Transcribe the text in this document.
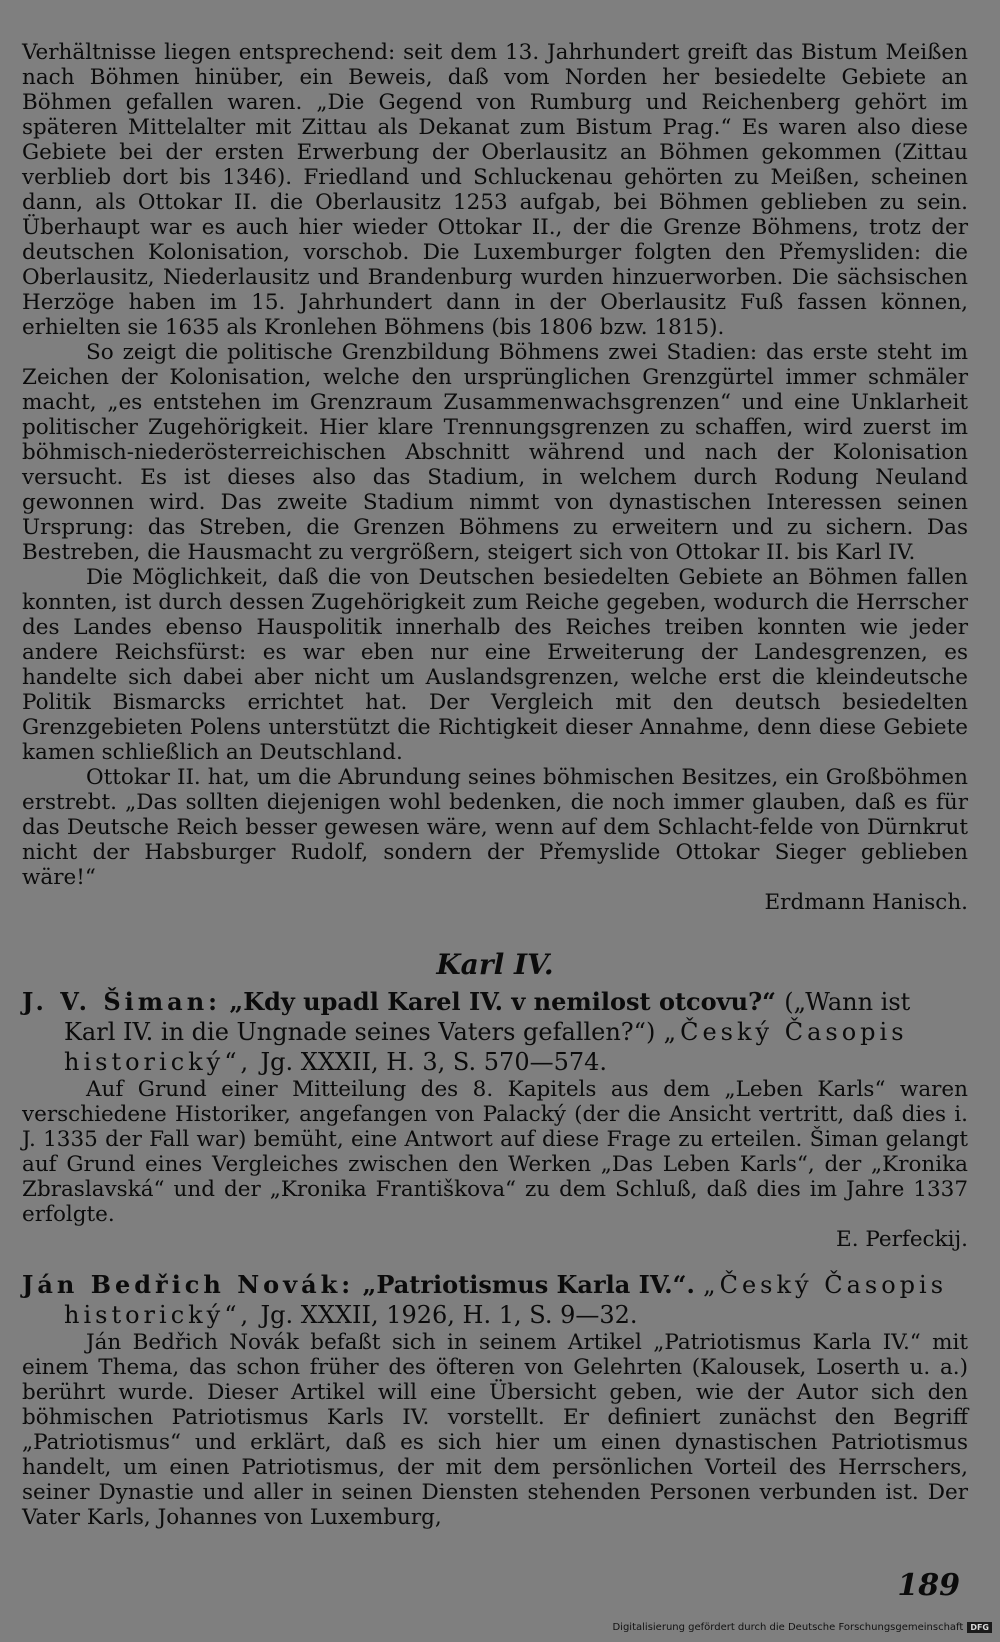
Verhältnisse liegen entsprechend: seit dem 13. Jahrhundert greift das Bistum Meißen nach Böhmen hinüber, ein Beweis, daß vom Norden her besiedelte Gebiete an Böhmen gefallen waren. „Die Gegend von Rumburg und Reichenberg gehört im späteren Mittelalter mit Zittau als Dekanat zum Bistum Prag.“ Es waren also diese Gebiete bei der ersten Erwerbung der Oberlausitz an Böhmen gekommen (Zittau verblieb dort bis 1346). Friedland und Schluckenau gehörten zu Meißen, scheinen dann, als Ottokar II. die Oberlausitz 1253 aufgab, bei Böhmen geblieben zu sein. Überhaupt war es auch hier wieder Ottokar II., der die Grenze Böhmens, trotz der deutschen Kolonisation, vorschob. Die Luxemburger folgten den Přemysliden: die Oberlausitz, Niederlausitz und Brandenburg wurden hinzuerworben. Die sächsischen Herzöge haben im 15. Jahrhundert dann in der Oberlausitz Fuß fassen können, erhielten sie 1635 als Kronlehen Böhmens (bis 1806 bzw. 1815).

So zeigt die politische Grenzbildung Böhmens zwei Stadien: das erste steht im Zeichen der Kolonisation, welche den ursprünglichen Grenzgürtel immer schmäler macht, „es entstehen im Grenzraum Zusammenwachsgrenzen“ und eine Unklarheit politischer Zugehörigkeit. Hier klare Trennungsgrenzen zu schaffen, wird zuerst im böhmisch-niederösterreichischen Abschnitt während und nach der Kolonisation versucht. Es ist dieses also das Stadium, in welchem durch Rodung Neuland gewonnen wird. Das zweite Stadium nimmt von dynastischen Interessen seinen Ursprung: das Streben, die Grenzen Böhmens zu erweitern und zu sichern. Das Bestreben, die Hausmacht zu vergrößern, steigert sich von Ottokar II. bis Karl IV.

Die Möglichkeit, daß die von Deutschen besiedelten Gebiete an Böhmen fallen konnten, ist durch dessen Zugehörigkeit zum Reiche gegeben, wodurch die Herrscher des Landes ebenso Hauspolitik innerhalb des Reiches treiben konnten wie jeder andere Reichsfürst: es war eben nur eine Erweiterung der Landesgrenzen, es handelte sich dabei aber nicht um Auslandsgrenzen, welche erst die kleindeutsche Politik Bismarcks errichtet hat. Der Vergleich mit den deutsch besiedelten Grenzgebieten Polens unterstützt die Richtigkeit dieser Annahme, denn diese Gebiete kamen schließlich an Deutschland.

Ottokar II. hat, um die Abrundung seines böhmischen Besitzes, ein Großböhmen erstrebt. „Das sollten diejenigen wohl bedenken, die noch immer glauben, daß es für das Deutsche Reich besser gewesen wäre, wenn auf dem Schlacht-felde von Dürnkrut nicht der Habsburger Rudolf, sondern der Přemyslide Ottokar Sieger geblieben wäre!“

Erdmann Hanisch.

Karl IV.

J. V. Šiman: „Kdy upadl Karel IV. v nemilost otcovu?“ („Wann ist Karl IV. in die Ungnade seines Vaters gefallen?“) „Český Časopis historický“, Jg. XXXII, H. 3, S. 570—574.

Auf Grund einer Mitteilung des 8. Kapitels aus dem „Leben Karls“ waren verschiedene Historiker, angefangen von Palacký (der die Ansicht vertritt, daß dies i. J. 1335 der Fall war) bemüht, eine Antwort auf diese Frage zu erteilen. Šiman gelangt auf Grund eines Vergleiches zwischen den Werken „Das Leben Karls“, der „Kronika Zbraslavská“ und der „Kronika Františkova“ zu dem Schluß, daß dies im Jahre 1337 erfolgte.

E. Perfeckij.

Ján Bedřich Novák: „Patriotismus Karla IV.“. „Český Časopis historický“, Jg. XXXII, 1926, H. 1, S. 9—32.

Ján Bedřich Novák befaßt sich in seinem Artikel „Patriotismus Karla IV.“ mit einem Thema, das schon früher des öfteren von Gelehrten (Kalousek, Loserth u. a.) berührt wurde. Dieser Artikel will eine Übersicht geben, wie der Autor sich den böhmischen Patriotismus Karls IV. vorstellt. Er definiert zunächst den Begriff „Patriotismus“ und erklärt, daß es sich hier um einen dynastischen Patriotismus handelt, um einen Patriotismus, der mit dem persönlichen Vorteil des Herrschers, seiner Dynastie und aller in seinen Diensten stehenden Personen verbunden ist. Der Vater Karls, Johannes von Luxemburg,

189
Digitalisierung gefördert durch die Deutsche Forschungsgemeinschaft DFG
